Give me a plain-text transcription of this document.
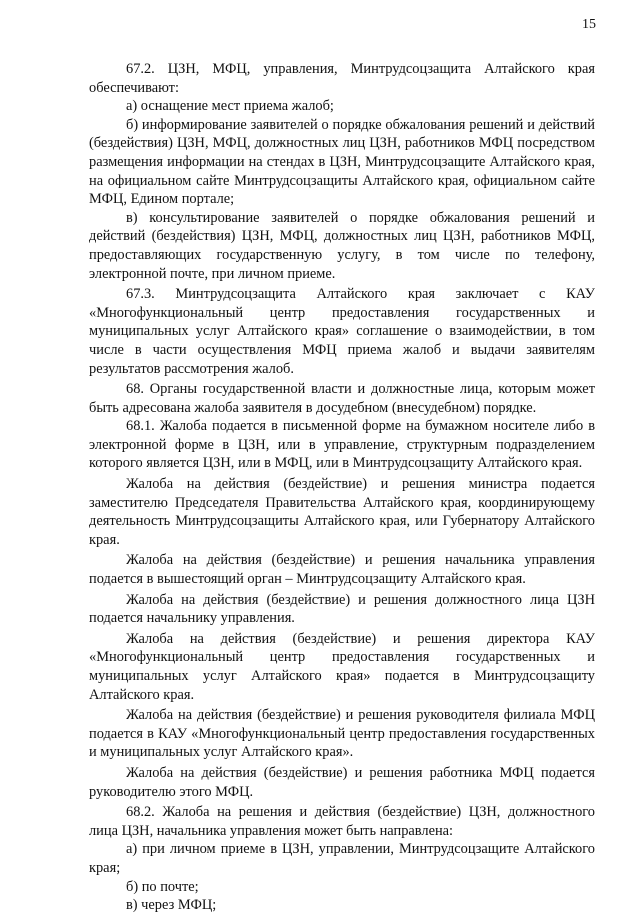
15

67.2. ЦЗН, МФЦ, управления, Минтрудсоцзащита Алтайского края обеспечивают:

а) оснащение мест приема жалоб;

б) информирование заявителей о порядке обжалования решений и действий (бездействия) ЦЗН, МФЦ, должностных лиц ЦЗН, работников МФЦ посредством размещения информации на стендах в ЦЗН, Минтрудсоцзащите Алтайского края, на официальном сайте Минтрудсоцзащиты Алтайского края, официальном сайте МФЦ, Едином портале;

в) консультирование заявителей о порядке обжалования решений и действий (бездействия) ЦЗН, МФЦ, должностных лиц ЦЗН, работников МФЦ, предоставляющих государственную услугу, в том числе по телефону, электронной почте, при личном приеме.

67.3. Минтрудсоцзащита Алтайского края заключает с КАУ «Многофункциональный центр предоставления государственных и муниципальных услуг Алтайского края» соглашение о взаимодействии, в том числе в части осуществления МФЦ приема жалоб и выдачи заявителям результатов рассмотрения жалоб.

68. Органы государственной власти и должностные лица, которым может быть адресована жалоба заявителя в досудебном (внесудебном) порядке.

68.1. Жалоба подается в письменной форме на бумажном носителе либо в электронной форме в ЦЗН, или в управление, структурным подразделением которого является ЦЗН, или в МФЦ, или в Минтрудсоцзащиту Алтайского края.

Жалоба на действия (бездействие) и решения министра подается заместителю Председателя Правительства Алтайского края, координирующему деятельность Минтрудсоцзащиты Алтайского края, или Губернатору Алтайского края.

Жалоба на действия (бездействие) и решения начальника управления подается в вышестоящий орган – Минтрудсоцзащиту Алтайского края.

Жалоба на действия (бездействие) и решения должностного лица ЦЗН подается начальнику управления.

Жалоба на действия (бездействие) и решения директора КАУ «Многофункциональный центр предоставления государственных и муниципальных услуг Алтайского края» подается в Минтрудсоцзащиту Алтайского края.

Жалоба на действия (бездействие) и решения руководителя филиала МФЦ подается в КАУ «Многофункциональный центр предоставления государственных и муниципальных услуг Алтайского края».

Жалоба на действия (бездействие) и решения работника МФЦ подается руководителю этого МФЦ.

68.2. Жалоба на решения и действия (бездействие) ЦЗН, должностного лица ЦЗН, начальника управления может быть направлена:

а) при личном приеме в ЦЗН, управлении, Минтрудсоцзащите Алтайского края;

б) по почте;

в) через МФЦ;
